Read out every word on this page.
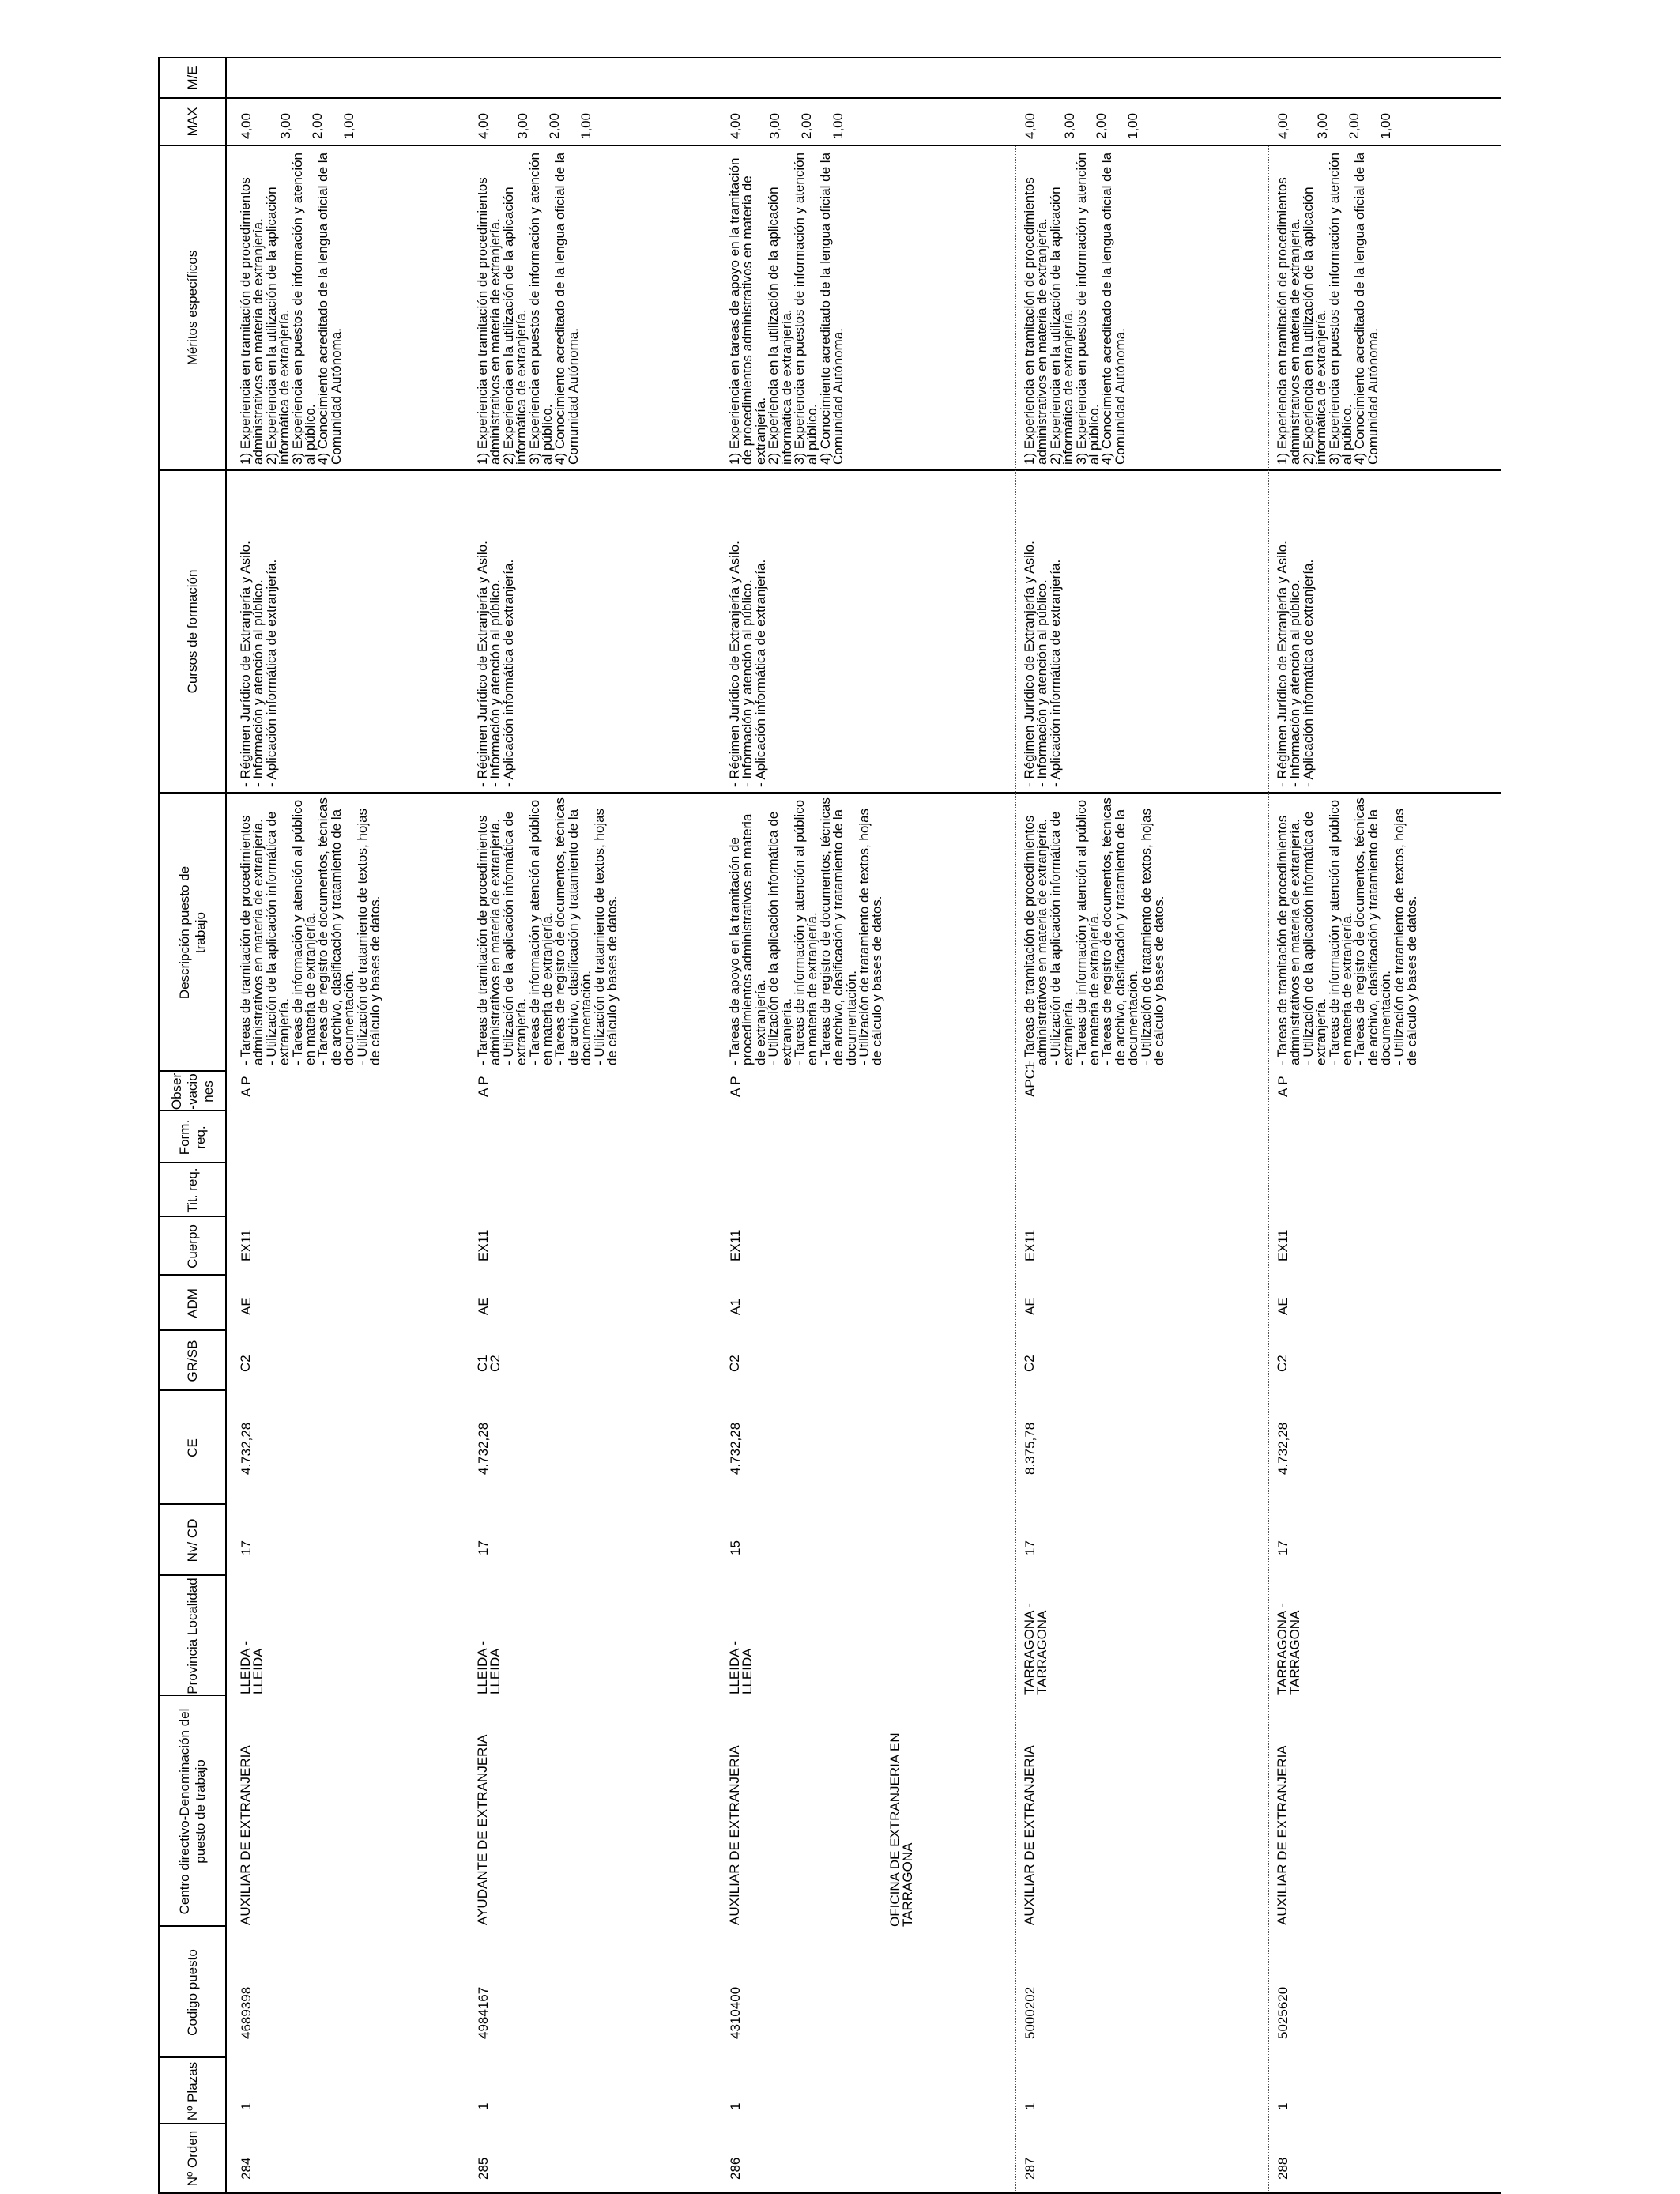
Nº Orden
Nº Plazas
Codigo puesto
Centro directivo-Denominación del puesto de trabajo
Provincia Localidad
Nv/ CD
CE
GR/SB
ADM
Cuerpo
Tit. req.
Form. req.
Obser-vaciones
Descripción puesto de trabajo
Cursos de formación
Méritos específicos
MAX
M/E
OFICINA DE EXTRANJERIA EN TARRAGONA
284
1
4689398
AUXILIAR DE EXTRANJERIA
LLEIDA - LLEIDA
17
4.732,28
C2
AE
EX11
A P
- Tareas de tramitación de procedimientos administrativos en materia de extranjería.
- Utilización de la aplicación informática de extranjería.
- Tareas de información y atención al público en materia de extranjería.
- Tareas de registro de documentos, técnicas de archivo, clasificación y tratamiento de la documentación.
- Utilización de tratamiento de textos, hojas de cálculo y bases de datos.
- Régimen Jurídico de Extranjería y Asilo.
- Información y atención al público.
- Aplicación informática de extranjería.
1) Experiencia en tramitación de procedimientos administrativos en materia de extranjería.
2) Experiencia en la utilización de la aplicación informática de extranjería.
3) Experiencia en puestos de información y atención al público.
4) Conocimiento acreditado de la lengua oficial de la Comunidad Autónoma.
4,00 3,00 2,00 1,00
285
1
4984167
AYUDANTE DE EXTRANJERIA
LLEIDA - LLEIDA
17
4.732,28
C1
C2
AE
EX11
A P
- Tareas de tramitación de procedimientos administrativos en materia de extranjería.
- Utilización de la aplicación informática de extranjería.
- Tareas de información y atención al público en materia de extranjería.
- Tareas de registro de documentos, técnicas de archivo, clasificación y tratamiento de la documentación.
- Utilización de tratamiento de textos, hojas de cálculo y bases de datos.
- Régimen Jurídico de Extranjería y Asilo.
- Información y atención al público.
- Aplicación informática de extranjería.
1) Experiencia en tramitación de procedimientos administrativos en materia de extranjería.
2) Experiencia en la utilización de la aplicación informática de extranjería.
3) Experiencia en puestos de información y atención al público.
4) Conocimiento acreditado de la lengua oficial de la Comunidad Autónoma.
4,00 3,00 2,00 1,00
286
1
4310400
AUXILIAR DE EXTRANJERIA
LLEIDA - LLEIDA
15
4.732,28
C2
A1
EX11
A P
- Tareas de apoyo en la tramitación de procedimientos administrativos en materia de extranjería.
- Utilización de la aplicación informática de extranjería.
- Tareas de información y atención al público en materia de extranjería.
- Tareas de registro de documentos, técnicas de archivo, clasificación y tratamiento de la documentación.
- Utilización de tratamiento de textos, hojas de cálculo y bases de datos.
- Régimen Jurídico de Extranjería y Asilo.
- Información y atención al público.
- Aplicación informática de extranjería.
1) Experiencia en tareas de apoyo en la tramitación de procedimientos administrativos en materia de extranjería.
2) Experiencia en la utilización de la aplicación informática de extranjería.
3) Experiencia en puestos de información y atención al público.
4) Conocimiento acreditado de la lengua oficial de la Comunidad Autónoma.
4,00 3,00 2,00 1,00
287
1
5000202
AUXILIAR DE EXTRANJERIA
TARRAGONA - TARRAGONA
17
8.375,78
C2
AE
EX11
APC1
- Tareas de tramitación de procedimientos administrativos en materia de extranjería.
- Utilización de la aplicación informática de extranjería.
- Tareas de información y atención al público en materia de extranjería.
- Tareas de registro de documentos, técnicas de archivo, clasificación y tratamiento de la documentación.
- Utilización de tratamiento de textos, hojas de cálculo y bases de datos.
- Régimen Jurídico de Extranjería y Asilo.
- Información y atención al público.
- Aplicación informática de extranjería.
1) Experiencia en tramitación de procedimientos administrativos en materia de extranjería.
2) Experiencia en la utilización de la aplicación informática de extranjería.
3) Experiencia en puestos de información y atención al público.
4) Conocimiento acreditado de la lengua oficial de la Comunidad Autónoma.
4,00 3,00 2,00 1,00
288
1
5025620
AUXILIAR DE EXTRANJERIA
TARRAGONA - TARRAGONA
17
4.732,28
C2
AE
EX11
A P
- Tareas de tramitación de procedimientos administrativos en materia de extranjería.
- Utilización de la aplicación informática de extranjería.
- Tareas de información y atención al público en materia de extranjería.
- Tareas de registro de documentos, técnicas de archivo, clasificación y tratamiento de la documentación.
- Utilización de tratamiento de textos, hojas de cálculo y bases de datos.
- Régimen Jurídico de Extranjería y Asilo.
- Información y atención al público.
- Aplicación informática de extranjería.
1) Experiencia en tramitación de procedimientos administrativos en materia de extranjería.
2) Experiencia en la utilización de la aplicación informática de extranjería.
3) Experiencia en puestos de información y atención al público.
4) Conocimiento acreditado de la lengua oficial de la Comunidad Autónoma.
4,00 3,00 2,00 1,00
